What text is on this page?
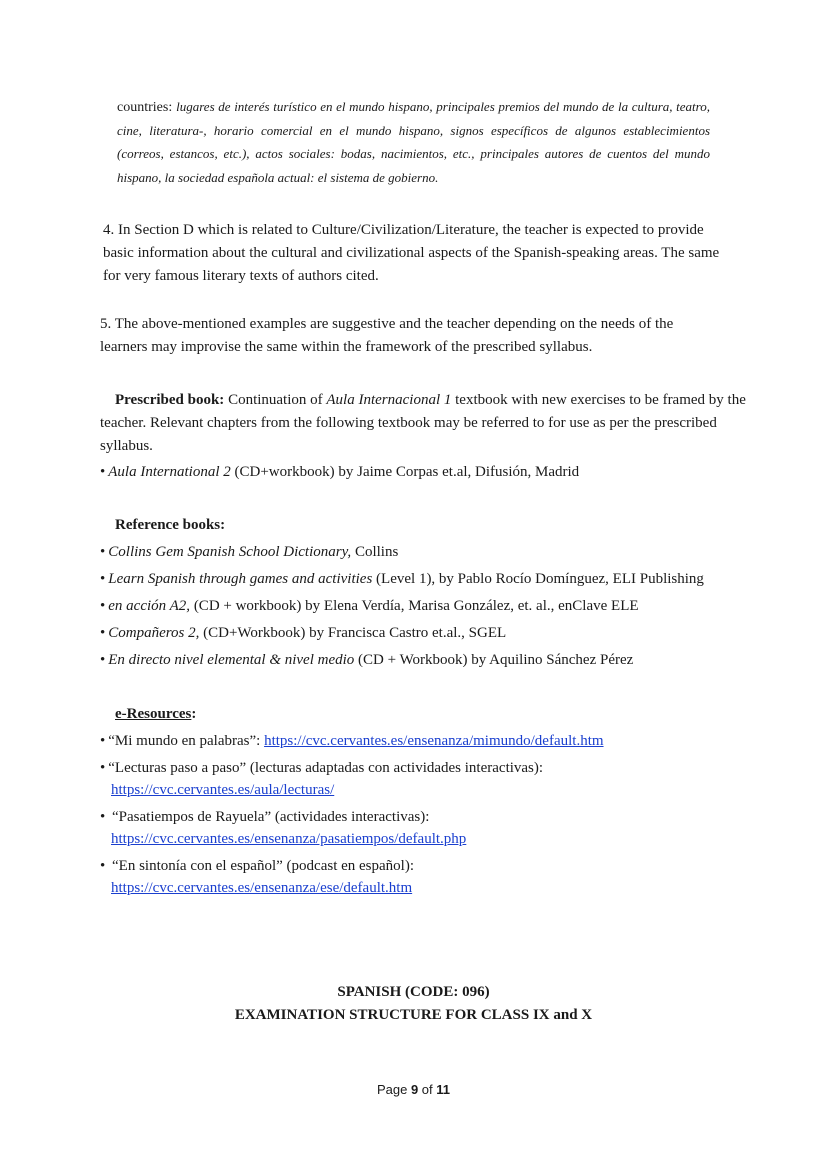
countries: lugares de interés turístico en el mundo hispano, principales premios del mundo de la cultura, teatro, cine, literatura-, horario comercial en el mundo hispano, signos específicos de algunos establecimientos (correos, estancos, etc.), actos sociales: bodas, nacimientos, etc., principales autores de cuentos del mundo hispano, la sociedad española actual: el sistema de gobierno.
4. In Section D which is related to Culture/Civilization/Literature, the teacher is expected to provide basic information about the cultural and civilizational aspects of the Spanish-speaking areas. The same for very famous literary texts of authors cited.
5. The above-mentioned examples are suggestive and the teacher depending on the needs of the learners may improvise the same within the framework of the prescribed syllabus.
Prescribed book: Continuation of Aula Internacional 1 textbook with new exercises to be framed by the teacher. Relevant chapters from the following textbook may be referred to for use as per the prescribed syllabus.
• Aula International 2 (CD+workbook) by Jaime Corpas et.al, Difusión, Madrid
Reference books:
• Collins Gem Spanish School Dictionary, Collins
• Learn Spanish through games and activities (Level 1), by Pablo Rocío Domínguez, ELI Publishing
• en acción A2, (CD + workbook) by Elena Verdía, Marisa González, et. al., enClave ELE
• Compañeros 2, (CD+Workbook) by Francisca Castro et.al., SGEL
• En directo nivel elemental & nivel medio (CD + Workbook) by Aquilino Sánchez Pérez
e-Resources:
• “Mi mundo en palabras”: https://cvc.cervantes.es/ensenanza/mimundo/default.htm
• “Lecturas paso a paso” (lecturas adaptadas con actividades interactivas):
https://cvc.cervantes.es/aula/lecturas/
• “Pasatiempos de Rayuela” (actividades interactivas):
https://cvc.cervantes.es/ensenanza/pasatiempos/default.php
• “En sintonía con el español” (podcast en español):
https://cvc.cervantes.es/ensenanza/ese/default.htm
SPANISH (CODE: 096)
EXAMINATION STRUCTURE FOR CLASS IX and X
Page 9 of 11
